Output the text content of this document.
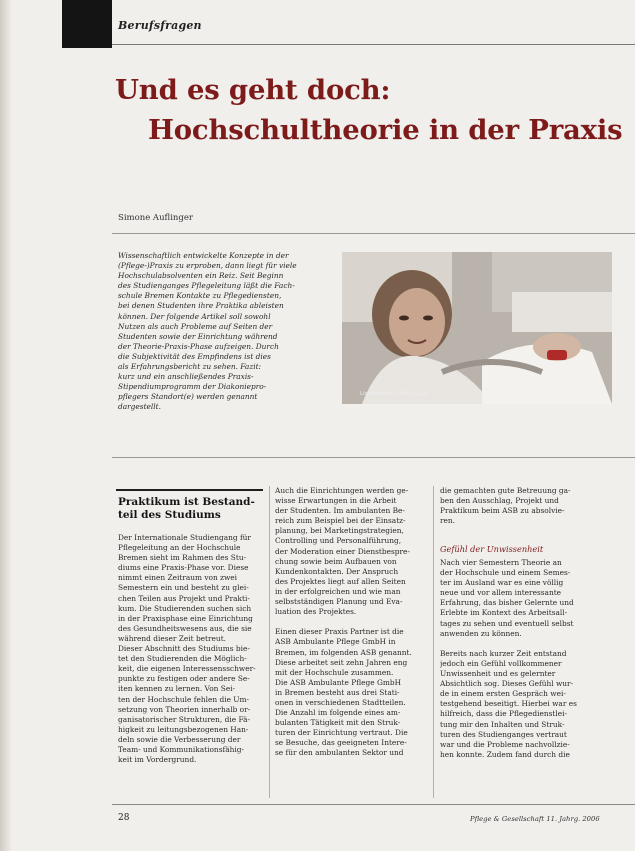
Berufsfragen
Und es geht doch:
Hochschultheorie in der Praxis
Simone Auflinger
Wissenschaftlich entwickelte Konzepte in der
(Pflege-)Praxis zu erproben, dann liegt für viele
Hochschulabsolventen ein Reiz. Seit Beginn
des Studienganges Pflegeleitung läßt die Fach-
schule Bremen Kontakte zu Pflegediensten,
bei denen Studenten ihre Praktika ableisten
können. Der folgende Artikel soll sowohl
Nutzen als auch Probleme auf Seiten der
Studenten sowie der Einrichtung während
der Theorie-Praxis-Phase aufzeigen. Durch
die Subjektivität des Empfindens ist dies
als Erfahrungsbericht zu sehen. Fazit:
kurz und ein anschließendes Praxis-
Stipendiumprogramm der Diakoniepro-
pflegers Standort(e) werden genannt
dargestellt.
Lichtenhofer · Foto: Lauf
Praktikum ist Bestand-
teil des Studiums
Der Internationale Studiengang für
Pflegeleitung an der Hochschule
Bremen sieht im Rahmen des Stu-
diums eine Praxis-Phase vor. Diese
nimmt einen Zeitraum von zwei
Semestern ein und besteht zu glei-
chen Teilen aus Projekt und Prakti-
kum. Die Studierenden suchen sich
in der Praxisphase eine Einrichtung
des Gesundheitswesens aus, die sie
während dieser Zeit betreut.
Dieser Abschnitt des Studiums bie-
tet den Studierenden die Möglich-
keit, die eigenen Interessensschwer-
punkte zu festigen oder andere Se-
iten kennen zu lernen. Von Sei-
ten der Hochschule fehlen die Um-
setzung von Theorien innerhalb or-
ganisatorischer Strukturen, die Fä-
higkeit zu leitungsbezogenen Han-
deln sowie die Verbesserung der
Team- und Kommunikationsfähig-
keit im Vordergrund.
Auch die Einrichtungen werden ge-
wisse Erwartungen in die Arbeit
der Studenten. Im ambulanten Be-
reich zum Beispiel bei der Einsatz-
planung, bei Marketingstrategien,
Controlling und Personalführung,
der Moderation einer Dienstbespre-
chung sowie beim Aufbauen von
Kundenkontakten. Der Anspruch
des Projektes liegt auf allen Seiten
in der erfolgreichen und wie man
selbstständigen Planung und Eva-
luation des Projektes.

Einen dieser Praxis Partner ist die
ASB Ambulante Pflege GmbH in
Bremen, im folgenden ASB genannt.
Diese arbeitet seit zehn Jahren eng
mit der Hochschule zusammen.
Die ASB Ambulante Pflege GmbH
in Bremen besteht aus drei Stati-
onen in verschiedenen Stadtteilen.
Die Anzahl im folgende eines am-
bulanten Tätigkeit mit den Struk-
turen der Einrichtung vertraut. Die
se Besuche, das geeigneten Intere-
se für den ambulanten Sektor und
die gemachten gute Betreuung ga-
ben den Ausschlag, Projekt und
Praktikum beim ASB zu absolvie-
ren.
Gefühl der Unwissenheit
Nach vier Semestern Theorie an
der Hochschule und einem Semes-
ter im Ausland war es eine völlig
neue und vor allem interessante
Erfahrung, das bisher Gelernte und
Erlebte im Kontext des Arbeitsall-
tages zu sehen und eventuell selbst
anwenden zu können.

Bereits nach kurzer Zeit entstand
jedoch ein Gefühl vollkommener
Unwissenheit und es gelernter
Absichtlich sog. Dieses Gefühl wur-
de in einem ersten Gespräch wei-
testgehend beseitigt. Hierbei war es
hilfreich, dass die Pflegedienstlei-
tung mir den Inhalten und Struk-
turen des Studienganges vertraut
war und die Probleme nachvollzie-
hen konnte. Zudem fand durch die
28	Pflege & Gesellschaft 11. Jahrg. 2006
